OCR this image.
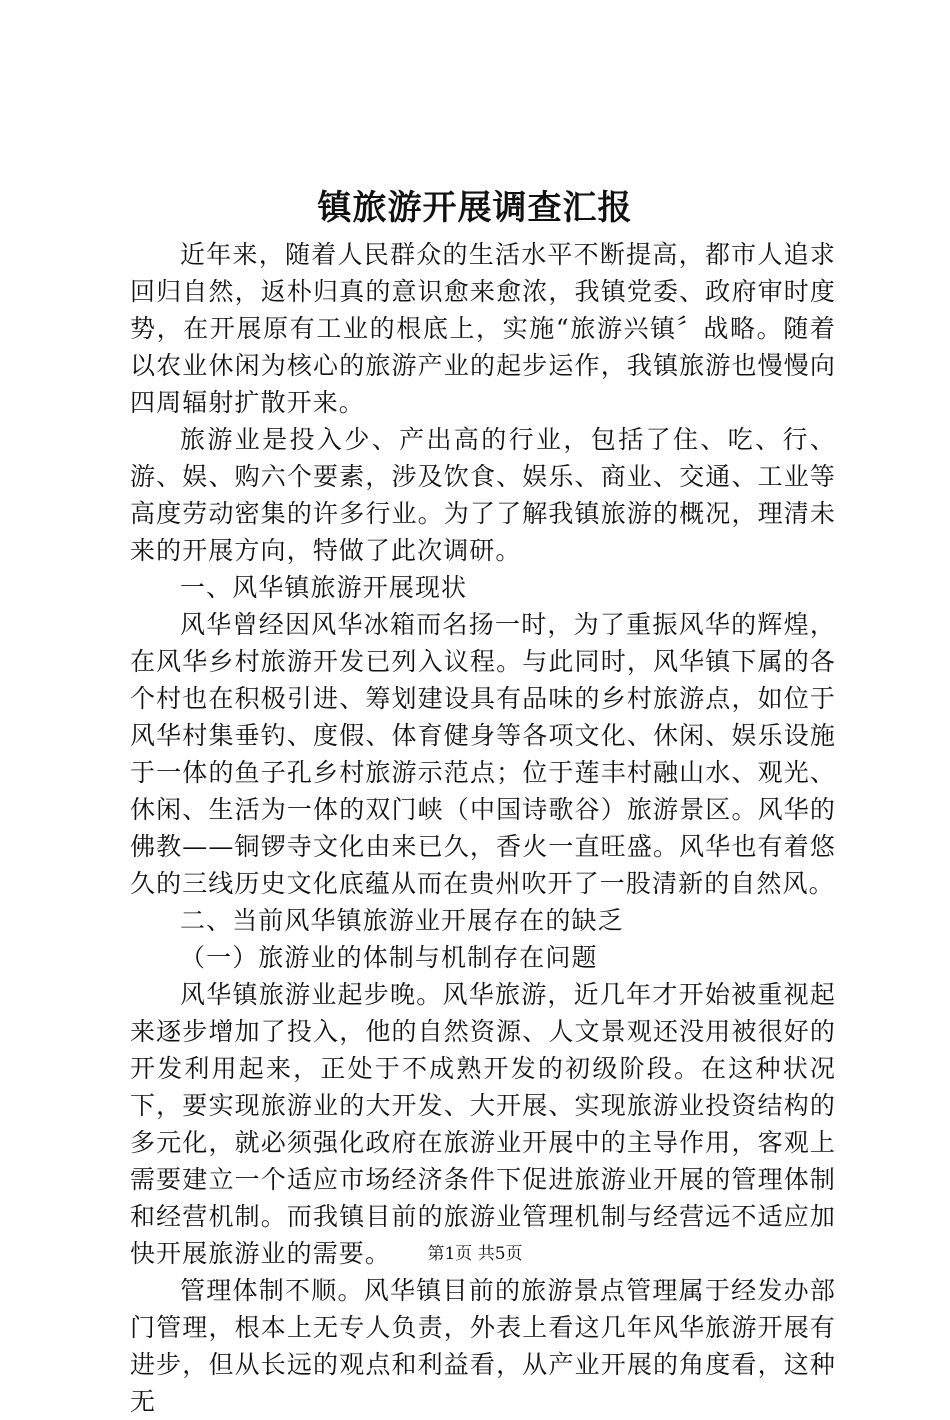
镇旅游开展调查汇报

近年来，随着人民群众的生活水平不断提高，都市人追求回归自然，返朴归真的意识愈来愈浓，我镇党委、政府审时度势，在开展原有工业的根底上，实施“旅游兴镇〞战略。随着以农业休闲为核心的旅游产业的起步运作，我镇旅游也慢慢向四周辐射扩散开来。

旅游业是投入少、产出高的行业，包括了住、吃、行、游、娱、购六个要素，涉及饮食、娱乐、商业、交通、工业等高度劳动密集的许多行业。为了了解我镇旅游的概况，理清未来的开展方向，特做了此次调研。

一、风华镇旅游开展现状

风华曾经因风华冰箱而名扬一时，为了重振风华的辉煌，在风华乡村旅游开发已列入议程。与此同时，风华镇下属的各个村也在积极引进、筹划建设具有品味的乡村旅游点，如位于风华村集垂钓、度假、体育健身等各项文化、休闲、娱乐设施于一体的鱼子孔乡村旅游示范点；位于莲丰村融山水、观光、休闲、生活为一体的双门峡（中国诗歌谷）旅游景区。风华的佛教——铜锣寺文化由来已久，香火一直旺盛。风华也有着悠久的三线历史文化底蕴从而在贵州吹开了一股清新的自然风。

二、当前风华镇旅游业开展存在的缺乏

（一）旅游业的体制与机制存在问题

风华镇旅游业起步晚。风华旅游，近几年才开始被重视起来逐步增加了投入，他的自然资源、人文景观还没用被很好的开发利用起来，正处于不成熟开发的初级阶段。在这种状况下，要实现旅游业的大开发、大开展、实现旅游业投资结构的多元化，就必须强化政府在旅游业开展中的主导作用，客观上需要建立一个适应市场经济条件下促进旅游业开展的管理体制和经营机制。而我镇目前的旅游业管理机制与经营远不适应加快开展旅游业的需要。

管理体制不顺。风华镇目前的旅游景点管理属于经发办部门管理，根本上无专人负责，外表上看这几年风华旅游开展有进步，但从长远的观点和利益看，从产业开展的角度看，这种无

第1页 共5页
